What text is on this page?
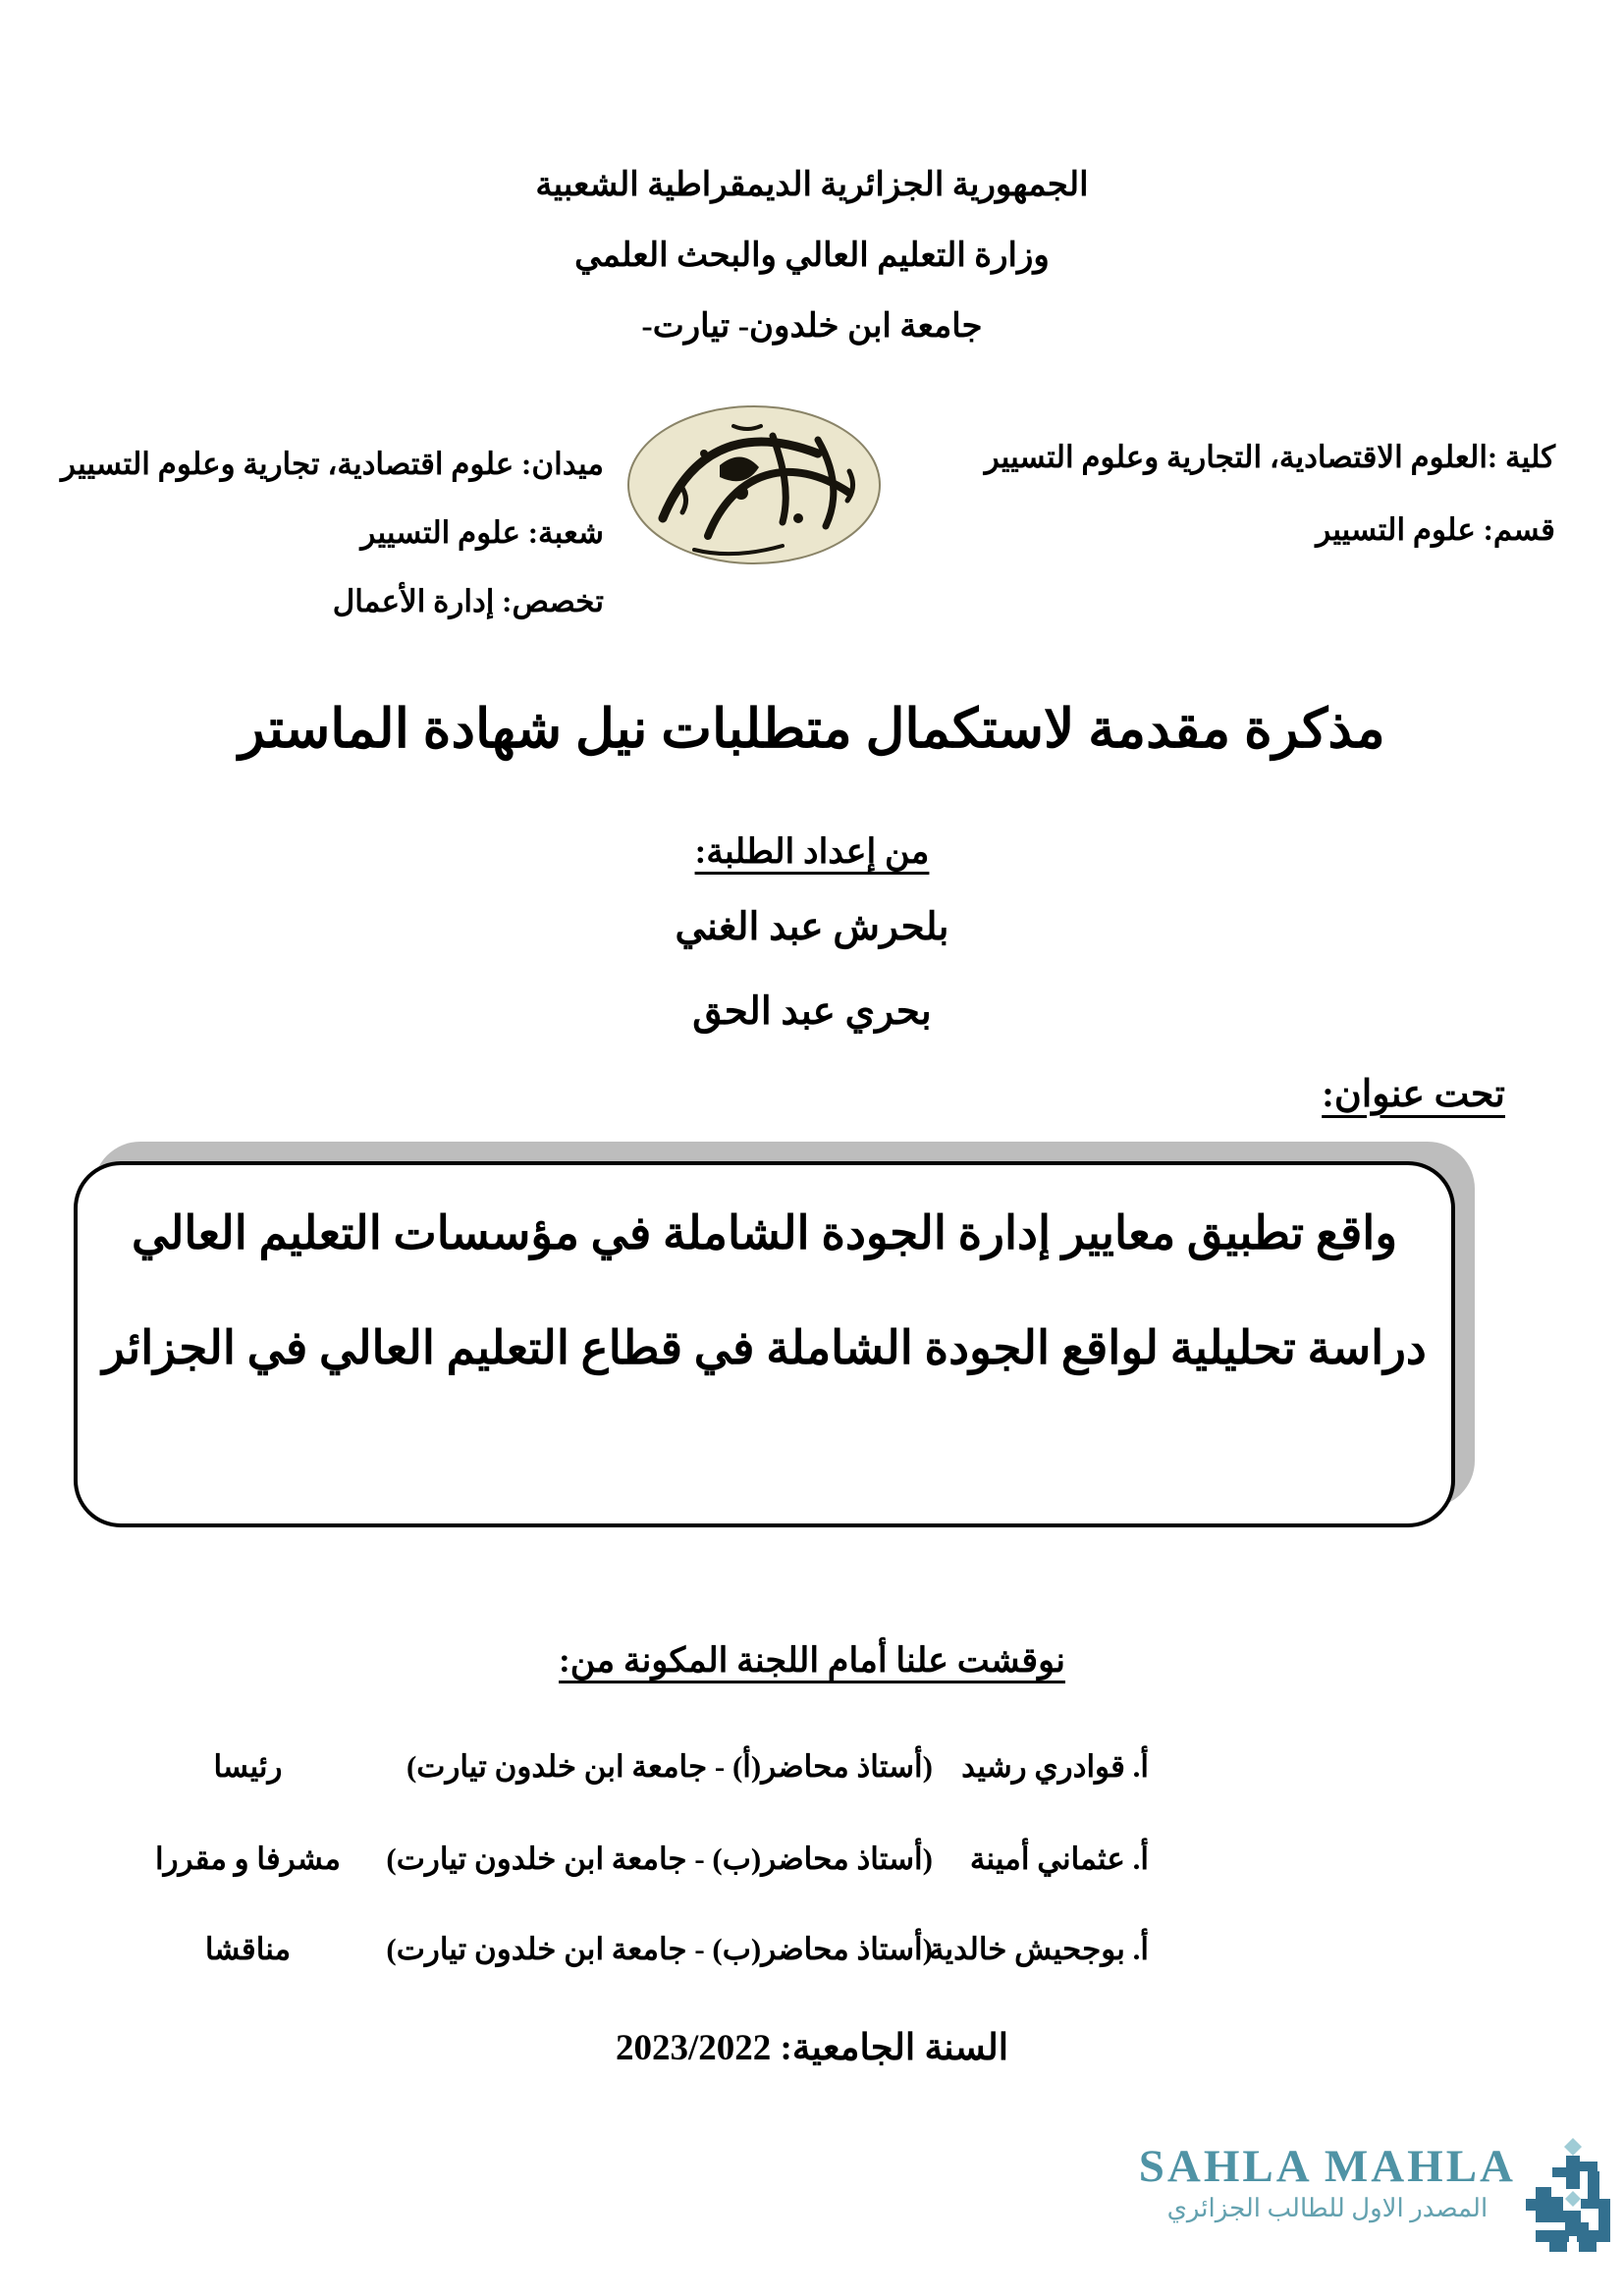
الجمهورية الجزائرية الديمقراطية الشعبية
وزارة التعليم العالي والبحث العلمي
جامعة ابن خلدون- تيارت-
كلية :العلوم الاقتصادية، التجارية وعلوم التسيير
قسم: علوم التسيير
ميدان: علوم اقتصادية، تجارية وعلوم التسيير
شعبة: علوم التسيير
تخصص: إدارة الأعمال
مذكرة مقدمة لاستكمال متطلبات نيل شهادة الماستر
من إعداد الطلبة:
بلحرش عبد الغني
بحري عبد الحق
تحت عنوان:
واقع تطبيق معايير إدارة الجودة الشاملة في مؤسسات التعليم العالي
دراسة تحليلية لواقع الجودة الشاملة في قطاع التعليم العالي في الجزائر
نوقشت علنا أمام اللجنة المكونة من:
أ. قوادري رشيد
(أستاذ محاضر(أ) - جامعة ابن خلدون تيارت)
رئيسا
أ. عثماني أمينة
(أستاذ محاضر(ب) - جامعة ابن خلدون تيارت)
مشرفا و مقررا
أ. بوجحيش خالدية
(أستاذ محاضر(ب) - جامعة ابن خلدون تيارت)
مناقشا
السنة الجامعية: 2023/2022
SAHLA MAHLA
المصدر الاول للطالب الجزائري
